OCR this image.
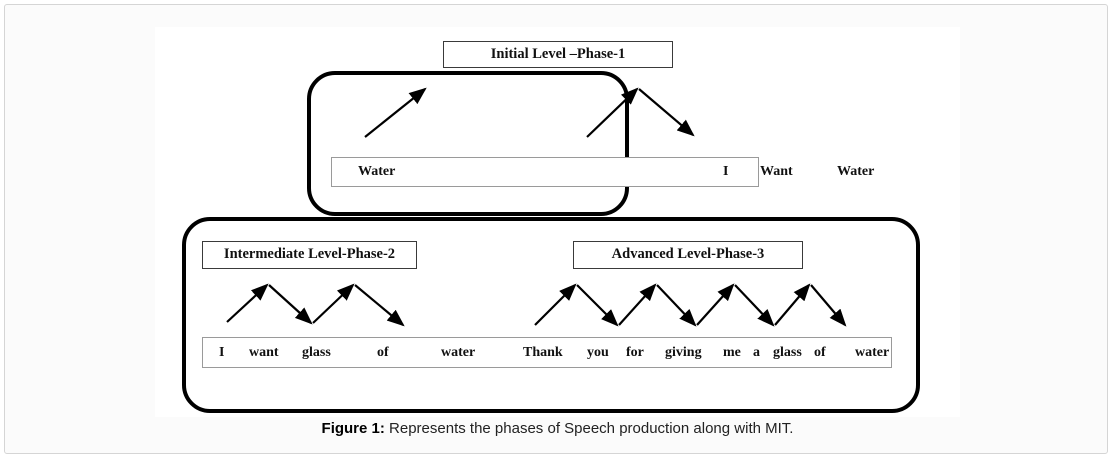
Initial Level –Phase-1
Water	I Want	Water
Intermediate Level-Phase-2	Advanced Level-Phase-3
I want glass	of	water	Thank you for giving me a glass of water
Figure 1: Represents the phases of Speech production along with MIT.
